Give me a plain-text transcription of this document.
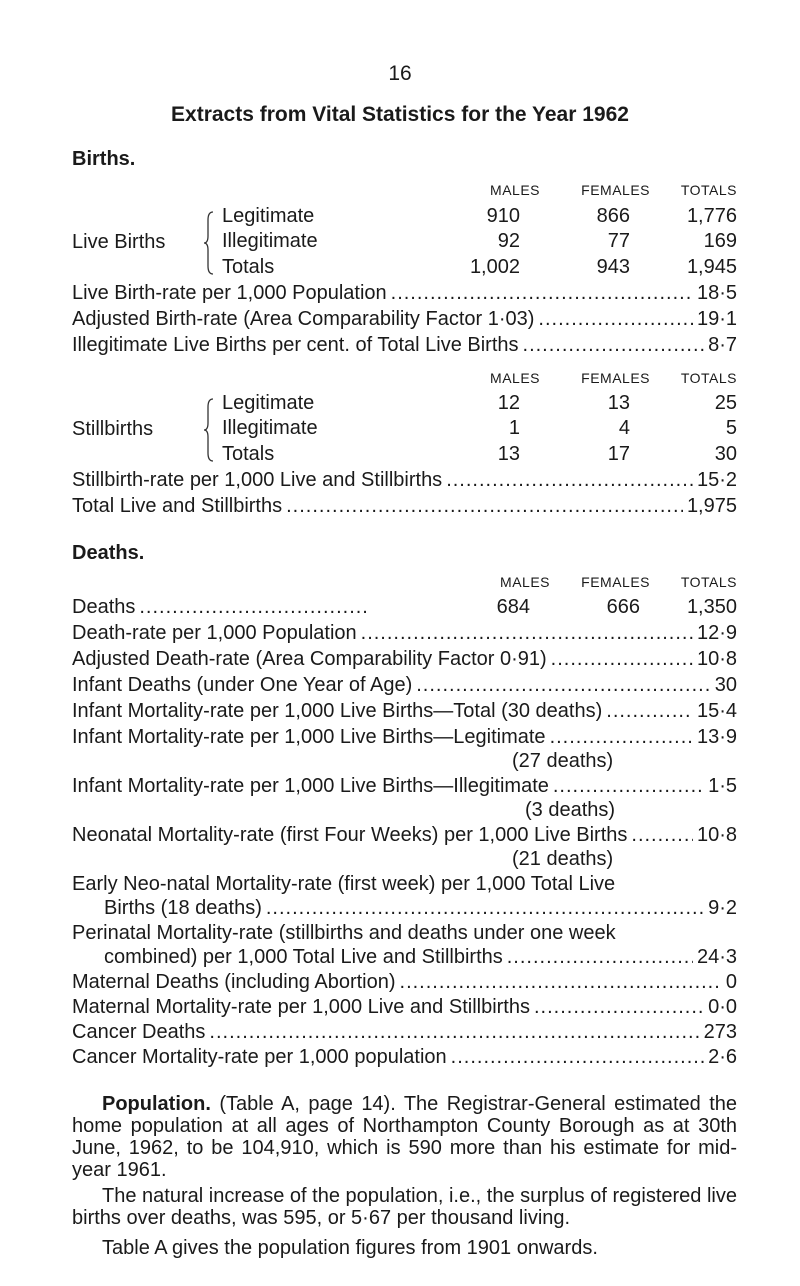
16
Extracts from Vital Statistics for the Year 1962
Births.
MALES	FEMALES	TOTALS
Live Births
Legitimate	910	866	1,776
Illegitimate	92	77	169
Totals	1,002	943	1,945
Live Birth-rate per 1,000 Population .....	18·5
Adjusted Birth-rate (Area Comparability Factor 1·03) .....	19·1
Illegitimate Live Births per cent. of Total Live Births .....	8·7
MALES	FEMALES	TOTALS
Stillbirths
Legitimate	12	13	25
Illegitimate	1	4	5
Totals	13	17	30
Stillbirth-rate per 1,000 Live and Stillbirths .....	15·2
Total Live and Stillbirths .....	1,975
Deaths.
MALES	FEMALES	TOTALS
Deaths .....	684	666	1,350
Death-rate per 1,000 Population .....	12·9
Adjusted Death-rate (Area Comparability Factor 0·91) .....	10·8
Infant Deaths (under One Year of Age) .....	30
Infant Mortality-rate per 1,000 Live Births—Total (30 deaths) .....	15·4
Infant Mortality-rate per 1,000 Live Births—Legitimate .....	13·9
(27 deaths)
Infant Mortality-rate per 1,000 Live Births—Illegitimate .....	1·5
(3 deaths)
Neonatal Mortality-rate (first Four Weeks) per 1,000 Live Births .....	10·8
(21 deaths)
Early Neo-natal Mortality-rate (first week) per 1,000 Total Live
Births (18 deaths) .....	9·2
Perinatal Mortality-rate (stillbirths and deaths under one week
combined) per 1,000 Total Live and Stillbirths .....	24·3
Maternal Deaths (including Abortion) .....	0
Maternal Mortality-rate per 1,000 Live and Stillbirths .....	0·0
Cancer Deaths .....	273
Cancer Mortality-rate per 1,000 population .....	2·6
Population. (Table A, page 14). The Registrar-General estimated the home population at all ages of Northampton County Borough as at 30th June, 1962, to be 104,910, which is 590 more than his estimate for mid-year 1961.
The natural increase of the population, i.e., the surplus of registered live births over deaths, was 595, or 5·67 per thousand living.
Table A gives the population figures from 1901 onwards.
